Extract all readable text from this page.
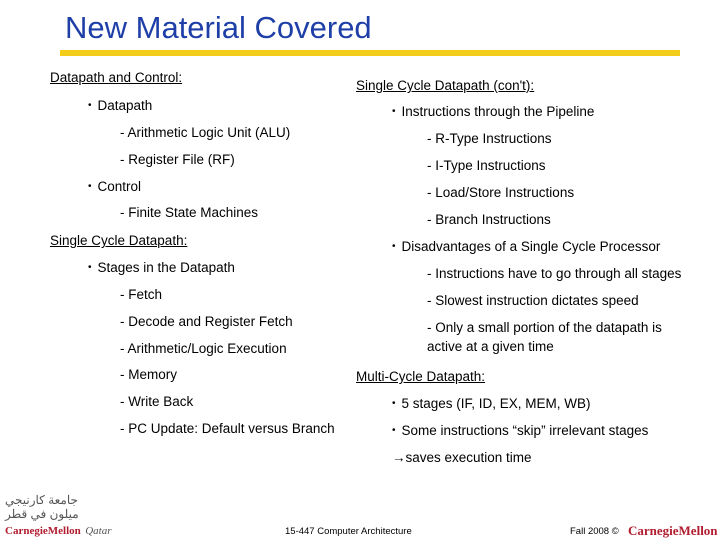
New Material Covered
Datapath and Control:
• Datapath
- Arithmetic Logic Unit (ALU)
- Register File (RF)
• Control
- Finite State Machines
Single Cycle Datapath:
• Stages in the Datapath
- Fetch
- Decode and Register Fetch
- Arithmetic/Logic Execution
- Memory
- Write Back
- PC Update: Default versus Branch
Single Cycle Datapath (con't):
• Instructions through the Pipeline
- R-Type Instructions
- I-Type Instructions
- Load/Store Instructions
- Branch Instructions
• Disadvantages of a Single Cycle Processor
- Instructions have to go through all stages
- Slowest instruction dictates speed
- Only a small portion of the datapath is
active at a given time
Multi-Cycle Datapath:
• 5 stages (IF, ID, EX, MEM, WB)
• Some instructions “skip” irrelevant stages
→saves execution time
جامعة كارنيجي ميلون في قطر
CarnegieMellon Qatar	15-447 Computer Architecture	Fall 2008 © CarnegieMellon
